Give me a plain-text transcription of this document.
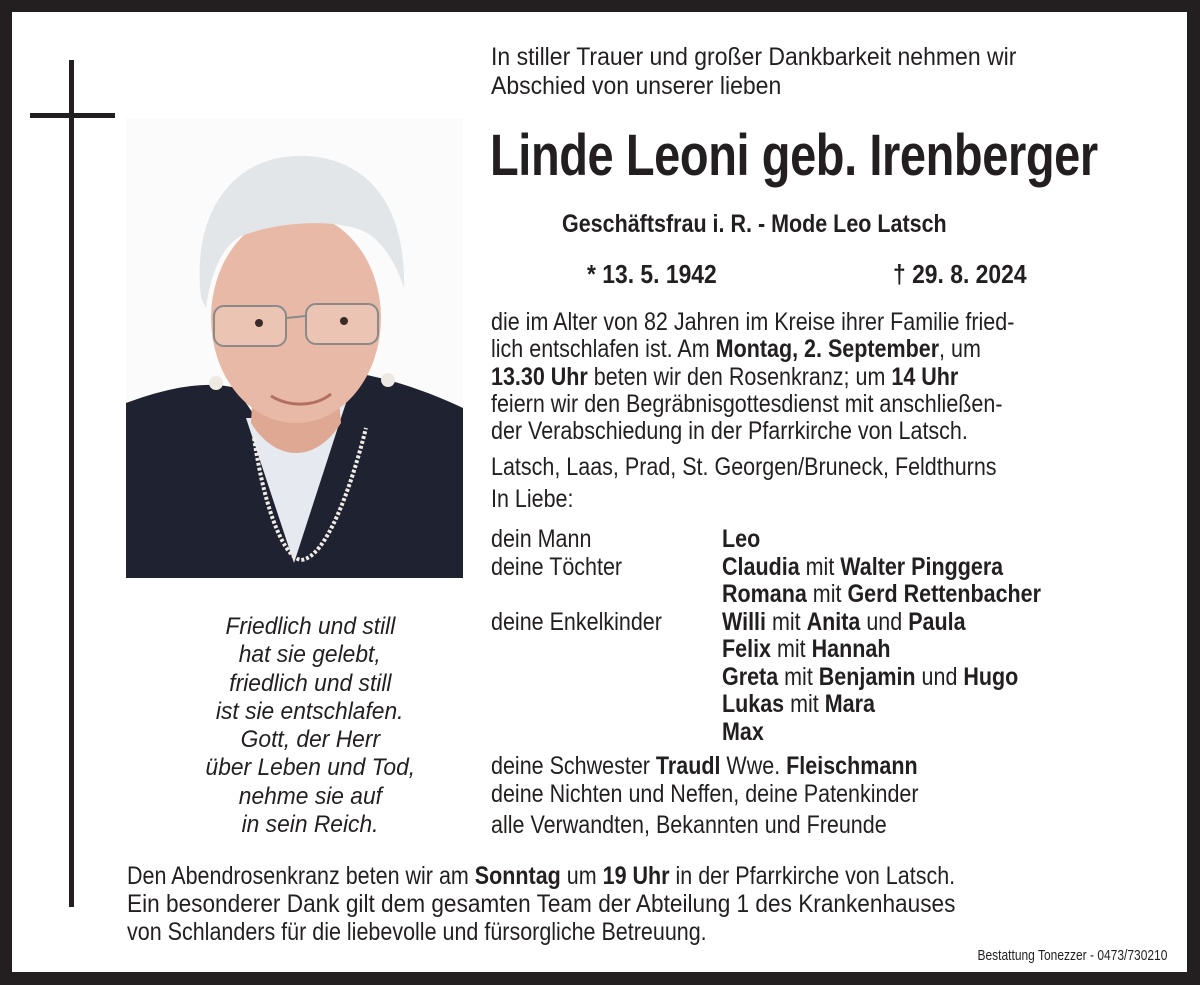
In stiller Trauer und großer Dankbarkeit nehmen wir
Abschied von unserer lieben
Linde Leoni geb. Irenberger
Geschäftsfrau i. R. - Mode Leo Latsch
* 13. 5. 1942	† 29. 8. 2024
die im Alter von 82 Jahren im Kreise ihrer Familie fried-
lich entschlafen ist. Am Montag, 2. September, um
13.30 Uhr beten wir den Rosenkranz; um 14 Uhr
feiern wir den Begräbnisgottesdienst mit anschließen-
der Verabschiedung in der Pfarrkirche von Latsch.
Latsch, Laas, Prad, St. Georgen/Bruneck, Feldthurns
In Liebe:
dein Mann	Leo
deine Töchter	Claudia mit Walter Pinggera
Romana mit Gerd Rettenbacher
deine Enkelkinder	Willi mit Anita und Paula
Felix mit Hannah
Greta mit Benjamin und Hugo
Lukas mit Mara
Max
deine Schwester Traudl Wwe. Fleischmann
deine Nichten und Neffen, deine Patenkinder
alle Verwandten, Bekannten und Freunde
Friedlich und still
hat sie gelebt,
friedlich und still
ist sie entschlafen.
Gott, der Herr
über Leben und Tod,
nehme sie auf
in sein Reich.
Den Abendrosenkranz beten wir am Sonntag um 19 Uhr in der Pfarrkirche von Latsch.
Ein besonderer Dank gilt dem gesamten Team der Abteilung 1 des Krankenhauses
von Schlanders für die liebevolle und fürsorgliche Betreuung.
Bestattung Tonezzer - 0473/730210
